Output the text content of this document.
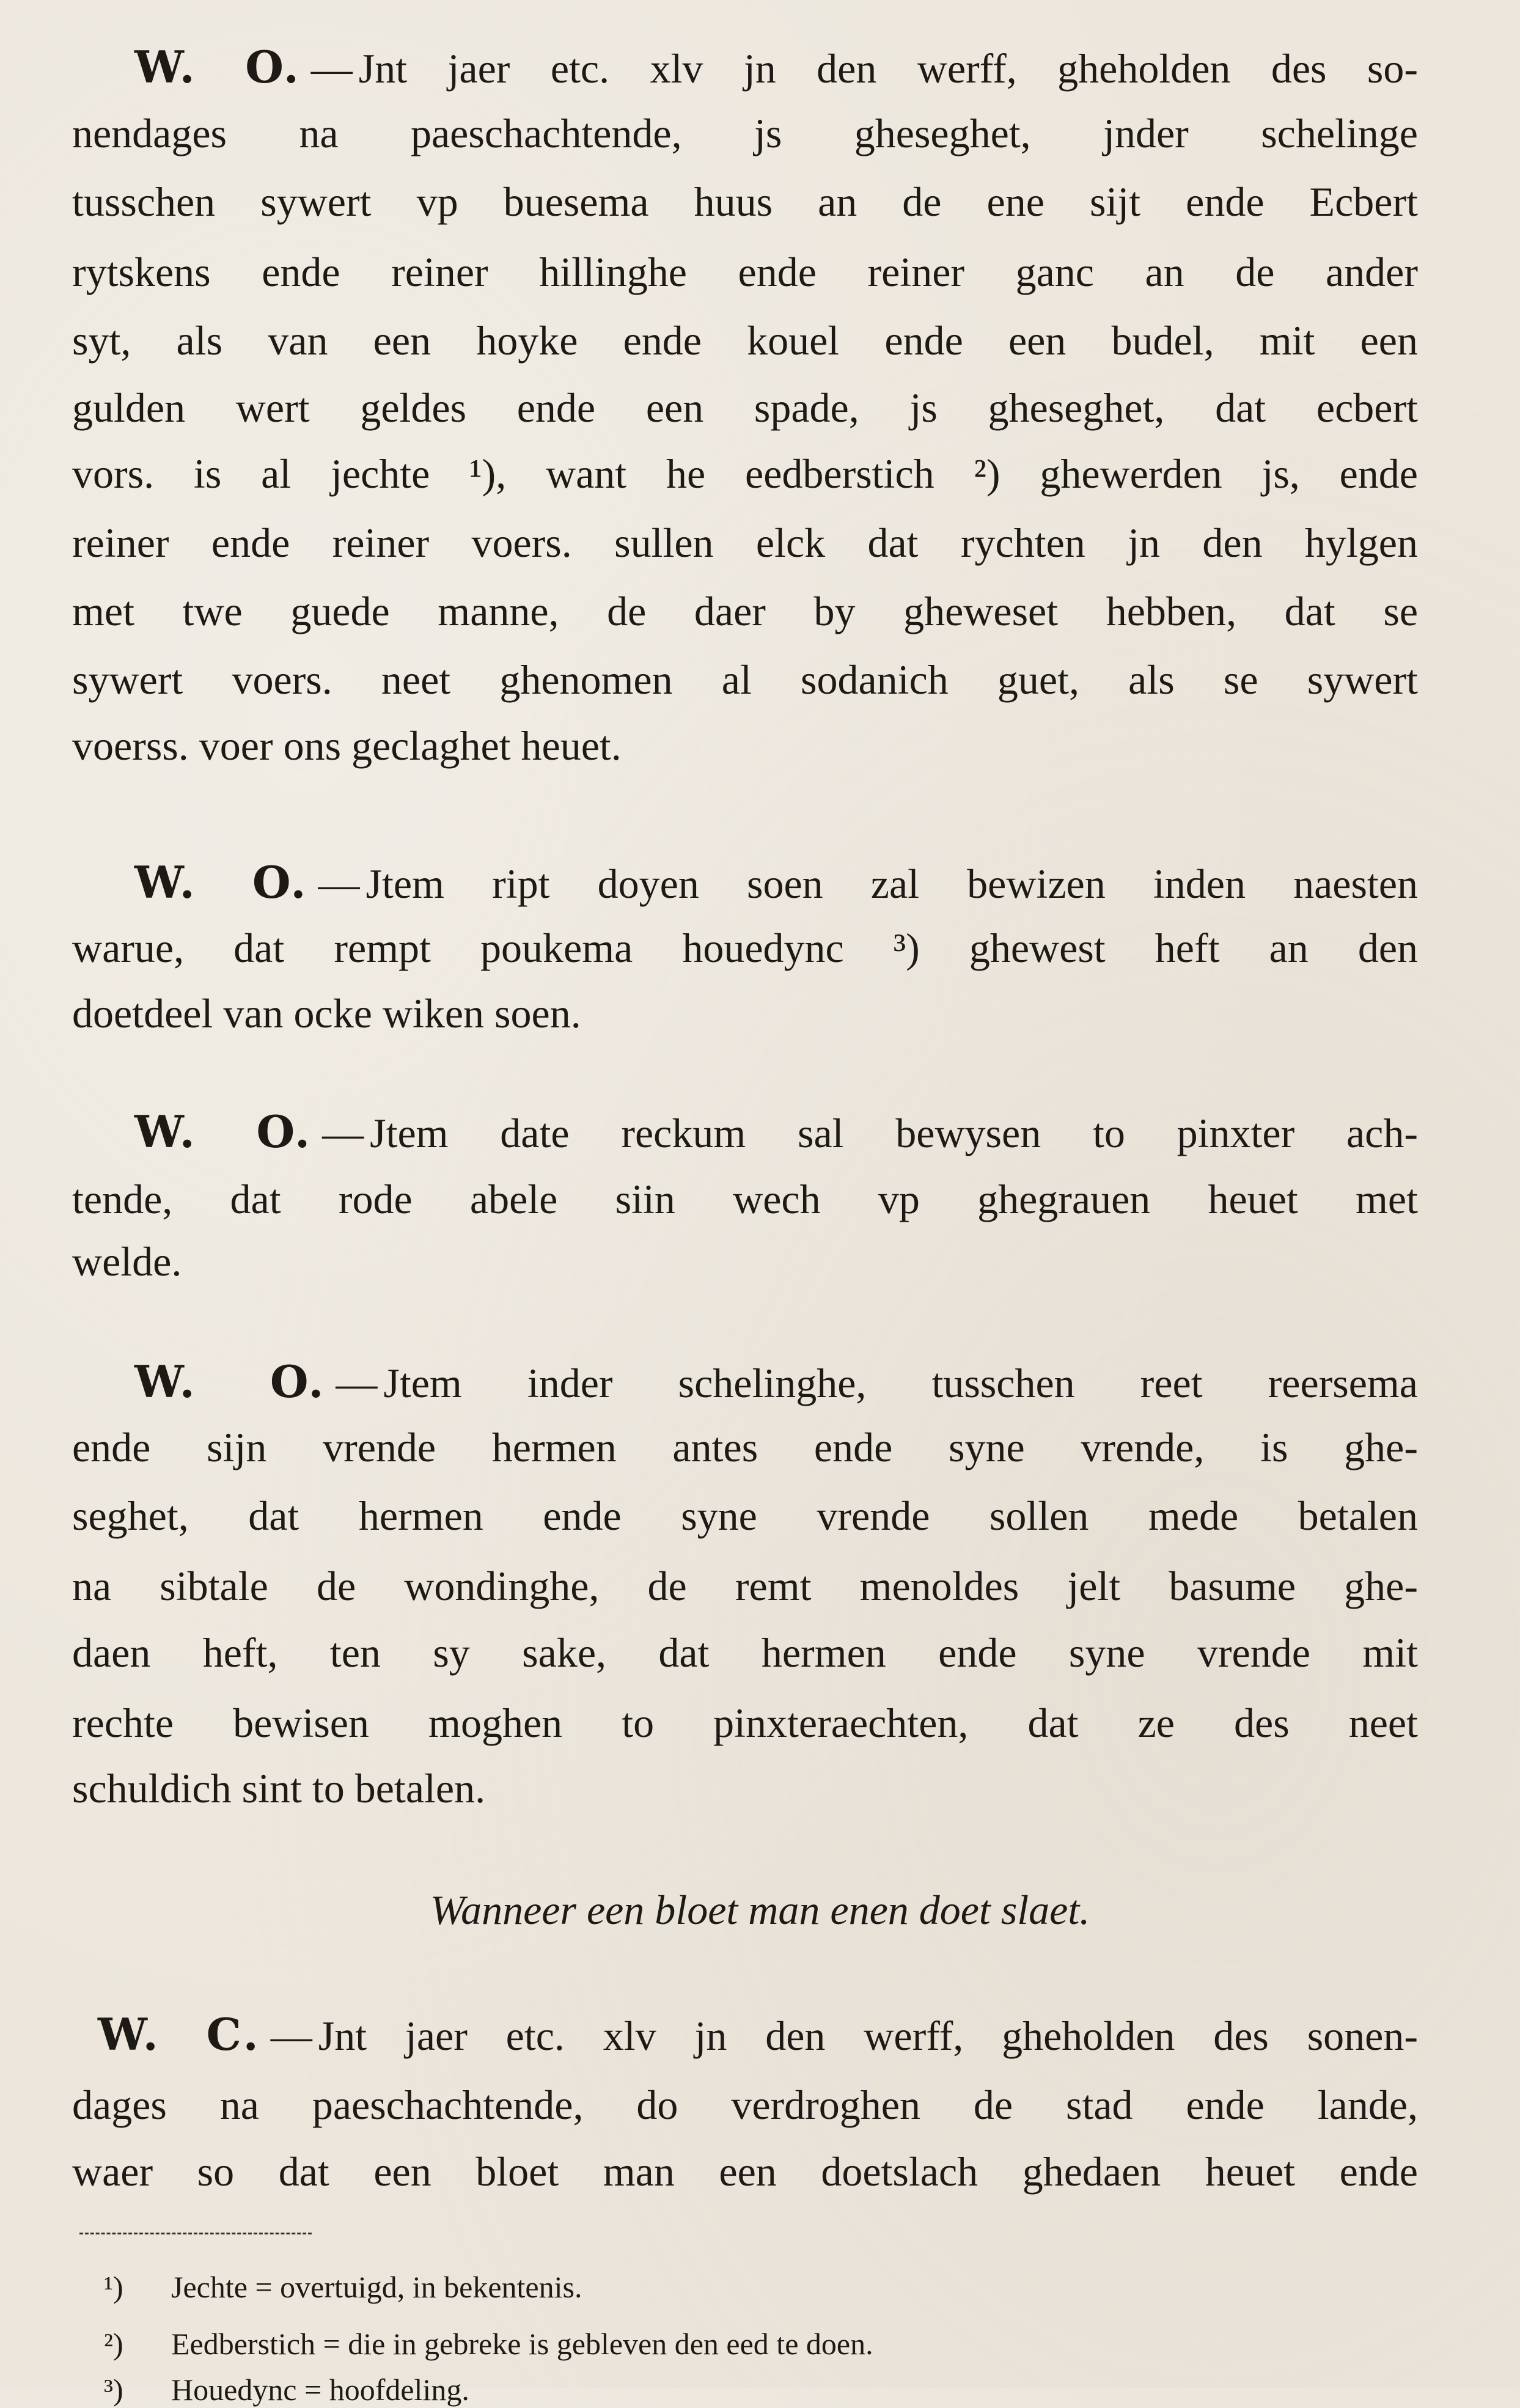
W. O. — Jnt jaer etc. xlv jn den werff, gheholden des so-
nendages na paeschachtende, js gheseghet, jnder schelinge
tusschen sywert vp buesema huus an de ene sijt ende Ecbert
rytskens ende reiner hillinghe ende reiner ganc an de ander
syt, als van een hoyke ende kouel ende een budel, mit een
gulden wert geldes ende een spade, js gheseghet, dat ecbert
vors. is al jechte ¹), want he eedberstich ²) ghewerden js, ende
reiner ende reiner voers. sullen elck dat rychten jn den hylgen
met twe guede manne, de daer by gheweset hebben, dat se
sywert voers. neet ghenomen al sodanich guet, als se sywert
voerss. voer ons geclaghet heuet.
W. O. — Jtem ript doyen soen zal bewizen inden naesten
warue, dat rempt poukema houedync ³) ghewest heft an den
doetdeel van ocke wiken soen.
W. O. — Jtem date reckum sal bewysen to pinxter ach-
tende, dat rode abele siin wech vp ghegrauen heuet met
welde.
W. O. — Jtem inder schelinghe, tusschen reet reersema
ende sijn vrende hermen antes ende syne vrende, is ghe-
seghet, dat hermen ende syne vrende sollen mede betalen
na sibtale de wondinghe, de remt menoldes jelt basume ghe-
daen heft, ten sy sake, dat hermen ende syne vrende mit
rechte bewisen moghen to pinxteraechten, dat ze des neet
schuldich sint to betalen.
Wanneer een bloet man enen doet slaet.
W. C. — Jnt jaer etc. xlv jn den werff, gheholden des sonen-
dages na paeschachtende, do verdroghen de stad ende lande,
waer so dat een bloet man een doetslach ghedaen heuet ende
¹) Jechte = overtuigd, in bekentenis.
²) Eedberstich = die in gebreke is gebleven den eed te doen.
³) Houedync = hoofdeling.
